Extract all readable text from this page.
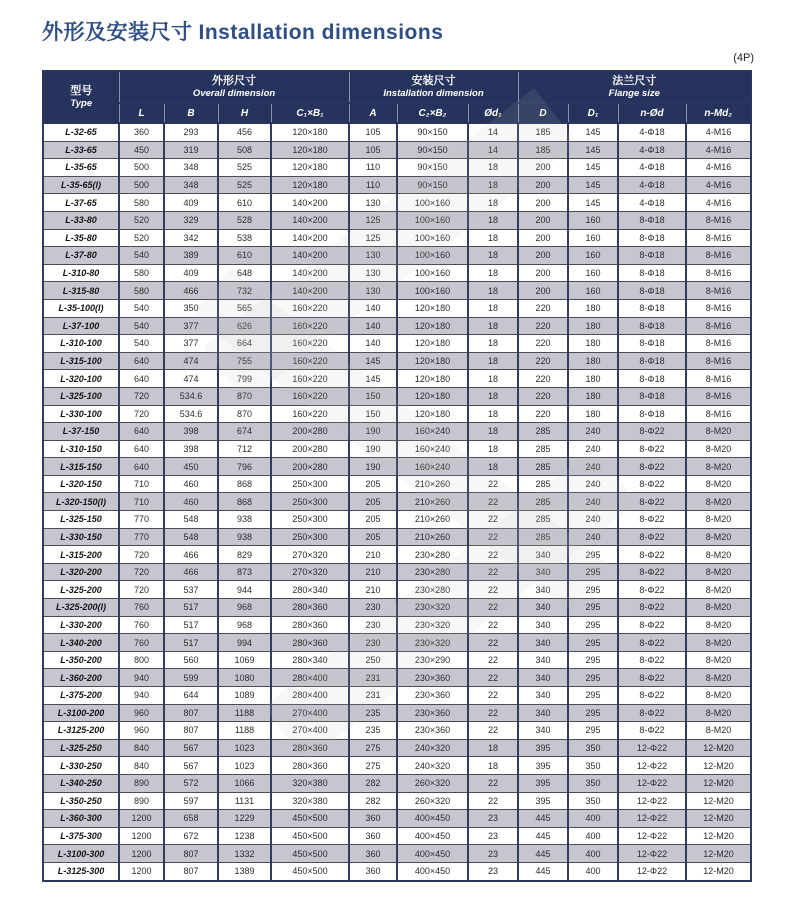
外形及安装尺寸 Installation dimensions
(4P)
型号
Type

外形尺寸
Overall dimension

安装尺寸
Installation dimension

法兰尺寸
Flange size

	L	B	H	C₁×B₁	A	C₂×B₂	Ød₁	D	D₁	n-Ød	n-Md₂
L-32-65	360	293	456	120×180	105	90×150	14	185	145	4-Φ18	4-M16
L-33-65	450	319	508	120×180	105	90×150	14	185	145	4-Φ18	4-M16
L-35-65	500	348	525	120×180	110	90×150	18	200	145	4-Φ18	4-M16
L-35-65(I)	500	348	525	120×180	110	90×150	18	200	145	4-Φ18	4-M16
L-37-65	580	409	610	140×200	130	100×160	18	200	145	4-Φ18	4-M16
L-33-80	520	329	528	140×200	125	100×160	18	200	160	8-Φ18	8-M16
L-35-80	520	342	538	140×200	125	100×160	18	200	160	8-Φ18	8-M16
L-37-80	540	389	610	140×200	130	100×160	18	200	160	8-Φ18	8-M16
L-310-80	580	409	648	140×200	130	100×160	18	200	160	8-Φ18	8-M16
L-315-80	580	466	732	140×200	130	100×160	18	200	160	8-Φ18	8-M16
L-35-100(I)	540	350	565	160×220	140	120×180	18	220	180	8-Φ18	8-M16
L-37-100	540	377	626	160×220	140	120×180	18	220	180	8-Φ18	8-M16
L-310-100	540	377	664	160×220	140	120×180	18	220	180	8-Φ18	8-M16
L-315-100	640	474	755	160×220	145	120×180	18	220	180	8-Φ18	8-M16
L-320-100	640	474	799	160×220	145	120×180	18	220	180	8-Φ18	8-M16
L-325-100	720	534.6	870	160×220	150	120×180	18	220	180	8-Φ18	8-M16
L-330-100	720	534.6	870	160×220	150	120×180	18	220	180	8-Φ18	8-M16
L-37-150	640	398	674	200×280	190	160×240	18	285	240	8-Φ22	8-M20
L-310-150	640	398	712	200×280	190	160×240	18	285	240	8-Φ22	8-M20
L-315-150	640	450	796	200×280	190	160×240	18	285	240	8-Φ22	8-M20
L-320-150	710	460	868	250×300	205	210×260	22	285	240	8-Φ22	8-M20
L-320-150(I)	710	460	868	250×300	205	210×260	22	285	240	8-Φ22	8-M20
L-325-150	770	548	938	250×300	205	210×260	22	285	240	8-Φ22	8-M20
L-330-150	770	548	938	250×300	205	210×260	22	285	240	8-Φ22	8-M20
L-315-200	720	466	829	270×320	210	230×280	22	340	295	8-Φ22	8-M20
L-320-200	720	466	873	270×320	210	230×280	22	340	295	8-Φ22	8-M20
L-325-200	720	537	944	280×340	210	230×280	22	340	295	8-Φ22	8-M20
L-325-200(I)	760	517	968	280×360	230	230×320	22	340	295	8-Φ22	8-M20
L-330-200	760	517	968	280×360	230	230×320	22	340	295	8-Φ22	8-M20
L-340-200	760	517	994	280×360	230	230×320	22	340	295	8-Φ22	8-M20
L-350-200	800	560	1069	280×340	250	230×290	22	340	295	8-Φ22	8-M20
L-360-200	940	599	1080	280×400	231	230×360	22	340	295	8-Φ22	8-M20
L-375-200	940	644	1089	280×400	231	230×360	22	340	295	8-Φ22	8-M20
L-3100-200	960	807	1188	270×400	235	230×360	22	340	295	8-Φ22	8-M20
L-3125-200	960	807	1188	270×400	235	230×360	22	340	295	8-Φ22	8-M20
L-325-250	840	567	1023	280×360	275	240×320	18	395	350	12-Φ22	12-M20
L-330-250	840	567	1023	280×360	275	240×320	18	395	350	12-Φ22	12-M20
L-340-250	890	572	1066	320×380	282	260×320	22	395	350	12-Φ22	12-M20
L-350-250	890	597	1131	320×380	282	260×320	22	395	350	12-Φ22	12-M20
L-360-300	1200	658	1229	450×500	360	400×450	23	445	400	12-Φ22	12-M20
L-375-300	1200	672	1238	450×500	360	400×450	23	445	400	12-Φ22	12-M20
L-3100-300	1200	807	1332	450×500	360	400×450	23	445	400	12-Φ22	12-M20
L-3125-300	1200	807	1389	450×500	360	400×450	23	445	400	12-Φ22	12-M20
